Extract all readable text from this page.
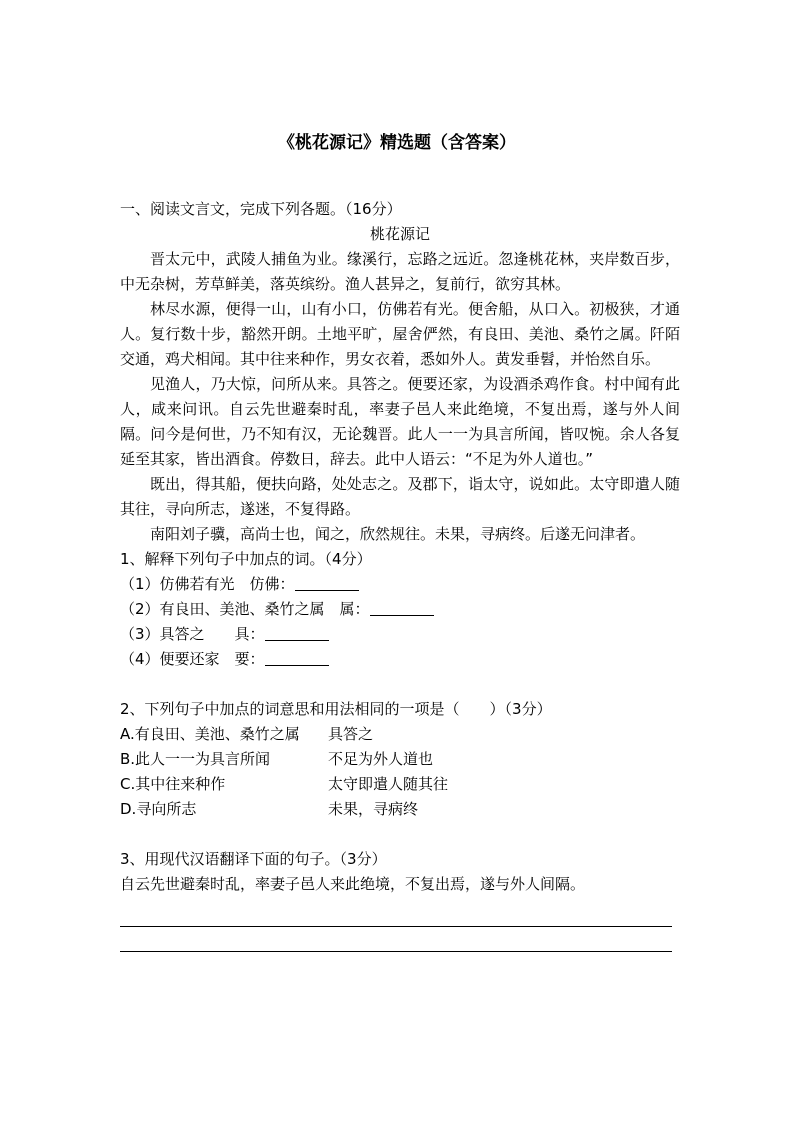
《桃花源记》精选题（含答案）
一、阅读文言文，完成下列各题。（16分）
桃花源记
晋太元中，武陵人捕鱼为业。缘溪行，忘路之远近。忽逢桃花林，夹岸数百步，中无杂树，芳草鲜美，落英缤纷。渔人甚异之，复前行，欲穷其林。
林尽水源，便得一山，山有小口，仿佛若有光。便舍船，从口入。初极狭，才通人。复行数十步，豁然开朗。土地平旷，屋舍俨然，有良田、美池、桑竹之属。阡陌交通，鸡犬相闻。其中往来种作，男女衣着，悉如外人。黄发垂髫，并怡然自乐。
见渔人，乃大惊，问所从来。具答之。便要还家，为设酒杀鸡作食。村中闻有此人，咸来问讯。自云先世避秦时乱，率妻子邑人来此绝境，不复出焉，遂与外人间隔。问今是何世，乃不知有汉，无论魏晋。此人一一为具言所闻，皆叹惋。余人各复延至其家，皆出酒食。停数日，辞去。此中人语云：“不足为外人道也。”
既出，得其船，便扶向路，处处志之。及郡下，诣太守，说如此。太守即遣人随其往，寻向所志，遂迷，不复得路。
南阳刘子骥，高尚士也，闻之，欣然规往。未果，寻病终。后遂无问津者。
1、解释下列句子中加点的词。（4分）
（1）仿佛若有光　仿佛：
（2）有良田、美池、桑竹之属　属：
（3）具答之　　具：
（4）便要还家　要：
2、下列句子中加点的词意思和用法相同的一项是（　　）（3分）
A.有良田、美池、桑竹之属	具答之
B.此人一一为具言所闻	不足为外人道也
C.其中往来种作	太守即遣人随其往
D.寻向所志	未果，寻病终
3、用现代汉语翻译下面的句子。（3分）
自云先世避秦时乱，率妻子邑人来此绝境，不复出焉，遂与外人间隔。
